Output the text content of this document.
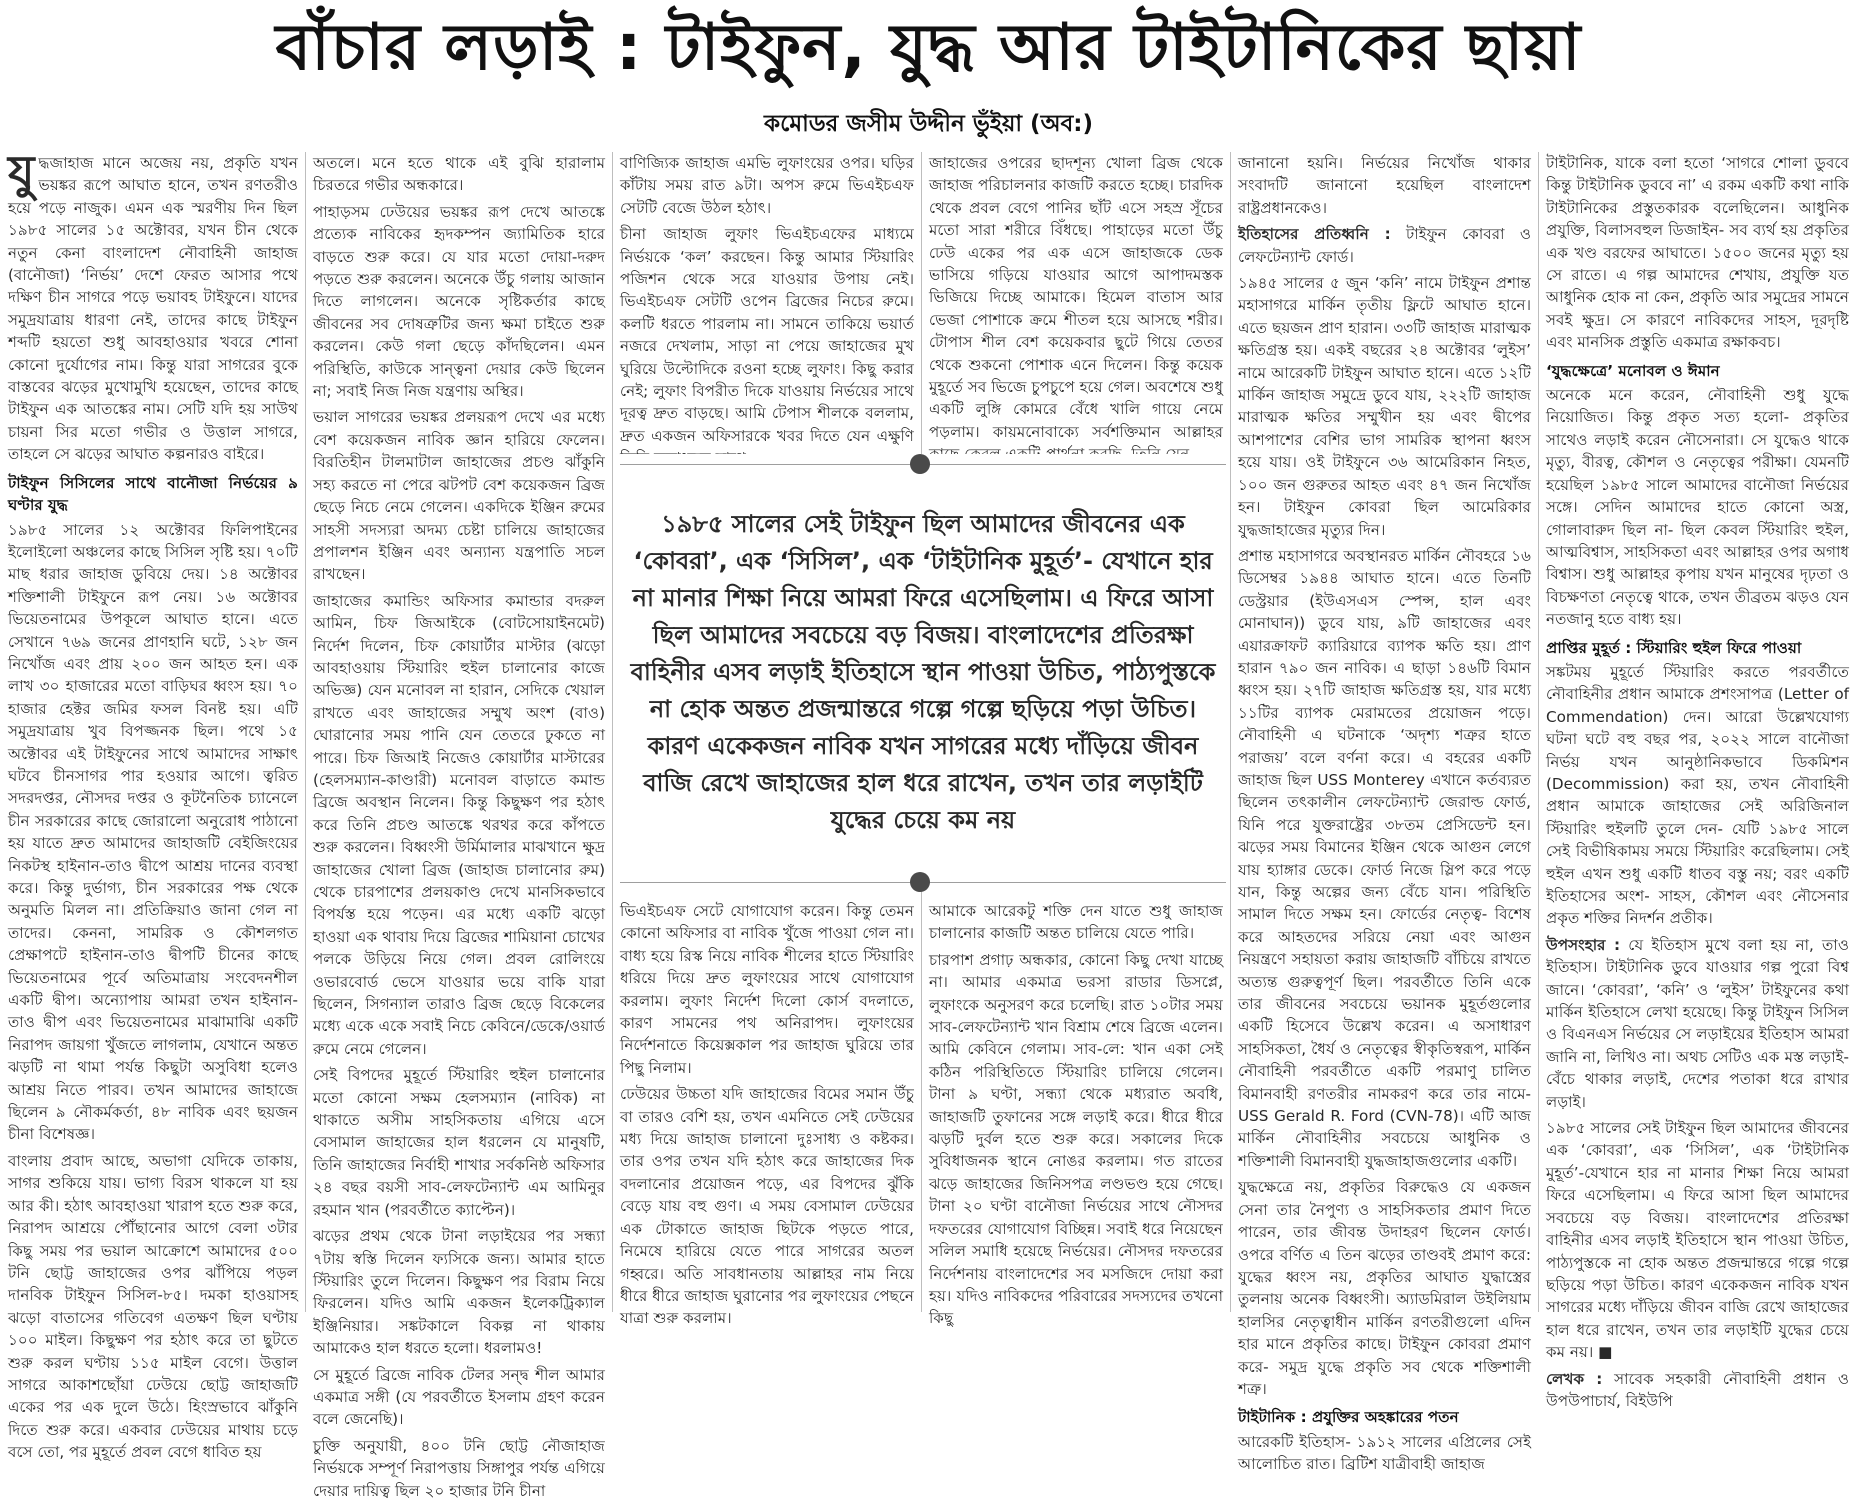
বাঁচার লড়াই : টাইফুন, যুদ্ধ আর টাইটানিকের ছায়া
কমোডর জসীম উদ্দীন ভুঁইয়া (অব:)

যুদ্ধজাহাজ মানে অজেয় নয়, প্রকৃতি যখন ভয়ঙ্কর রূপে আঘাত হানে, তখন রণতরীও হয়ে পড়ে নাজুক। এমন এক স্মরণীয় দিন ছিল ১৯৮৫ সালের ১৫ অক্টোবর, যখন চীন থেকে নতুন কেনা বাংলাদেশ নৌবাহিনী জাহাজ (বানৌজা) ‘নির্ভয়’ দেশে ফেরত আসার পথে দক্ষিণ চীন সাগরে পড়ে ভয়াবহ টাইফুনে। যাদের সমুদ্রযাত্রায় ধারণা নেই, তাদের কাছে টাইফুন শব্দটি হয়তো শুধু আবহাওয়ার খবরে শোনা কোনো দুর্যোগের নাম। কিন্তু যারা সাগরের বুকে বাস্তবের ঝড়ের মুখোমুখি হয়েছেন, তাদের কাছে টাইফুন এক আতঙ্কের নাম। সেটি যদি হয় সাউথ চায়না সির মতো গভীর ও উত্তাল সাগরে, তাহলে সে ঝড়ের আঘাত কল্পনারও বাইরে।

টাইফুন সিসিলের সাথে বানৌজা নির্ভয়ের ৯ ঘণ্টার যুদ্ধ

১৯৮৫ সালের ১২ অক্টোবর ফিলিপাইনের ইলোইলো অঞ্চলের কাছে সিসিল সৃষ্টি হয়। ৭০টি মাছ ধরার জাহাজ ডুবিয়ে দেয়। ১৪ অক্টোবর শক্তিশালী টাইফুনে রূপ নেয়। ১৬ অক্টোবর ভিয়েতনামের উপকূলে আঘাত হানে। এতে সেখানে ৭৬৯ জনের প্রাণহানি ঘটে, ১২৮ জন নিখোঁজ এবং প্রায় ২০০ জন আহত হন। এক লাখ ৩০ হাজারের মতো বাড়িঘর ধ্বংস হয়। ৭০ হাজার হেক্টর জমির ফসল বিনষ্ট হয়। এটি সমুদ্রযাত্রায় খুব বিপজ্জনক ছিল। পথে ১৫ অক্টোবর এই টাইফুনের সাথে আমাদের সাক্ষাৎ ঘটবে চীনসাগর পার হওয়ার আগে। ত্বরিত সদরদপ্তর, নৌসদর দপ্তর ও কূটনৈতিক চ্যানেলে চীন সরকারের কাছে জোরালো অনুরোধ পাঠানো হয় যাতে দ্রুত আমাদের জাহাজটি বেইজিংয়ের নিকটস্থ হাইনান-তাও দ্বীপে আশ্রয় দানের ব্যবস্থা করে। কিন্তু দুর্ভাগ্য, চীন সরকারের পক্ষ থেকে অনুমতি মিলল না। প্রতিক্রিয়াও জানা গেল না তাদের। কেননা, সামরিক ও কৌশলগত প্রেক্ষাপটে হাইনান-তাও দ্বীপটি চীনের কাছে ভিয়েতনামের পূর্বে অতিমাত্রায় সংবেদনশীল একটি দ্বীপ। অন্যোপায় আমরা তখন হাইনান-তাও দ্বীপ এবং ভিয়েতনামের মাঝামাঝি একটি নিরাপদ জায়গা খুঁজতে লাগলাম, যেখানে অন্তত ঝড়টি না থামা পর্যন্ত কিছুটা অসুবিধা হলেও আশ্রয় নিতে পারব। তখন আমাদের জাহাজে ছিলেন ৯ নৌকর্মকর্তা, ৪৮ নাবিক এবং ছয়জন চীনা বিশেষজ্ঞ।

বাংলায় প্রবাদ আছে, অভাগা যেদিকে তাকায়, সাগর শুকিয়ে যায়। ভাগ্য বিরস থাকলে যা হয় আর কী। হঠাৎ আবহাওয়া খারাপ হতে শুরু করে, নিরাপদ আশ্রয়ে পৌঁছানোর আগে বেলা ৩টার কিছু সময় পর ভয়াল আক্রোশে আমাদের ৫০০ টনি ছোট্ট জাহাজের ওপর ঝাঁপিয়ে পড়ল দানবিক টাইফুন সিসিল-৮৫। দমকা হাওয়াসহ ঝড়ো বাতাসের গতিবেগ এতক্ষণ ছিল ঘণ্টায় ১০০ মাইল। কিছুক্ষণ পর হঠাৎ করে তা ছুটতে শুরু করল ঘণ্টায় ১১৫ মাইল বেগে। উত্তাল সাগরে আকাশছোঁয়া ঢেউয়ে ছোট্ট জাহাজটি একের পর এক দুলে উঠে। হিংস্রভাবে ঝাঁকুনি দিতে শুরু করে। একবার ঢেউয়ের মাথায় চড়ে বসে তো, পর মুহূর্তে প্রবল বেগে ধাবিত হয়

অতলে। মনে হতে থাকে এই বুঝি হারালাম চিরতরে গভীর অন্ধকারে।

পাহাড়সম ঢেউয়ের ভয়ঙ্কর রূপ দেখে আতঙ্কে প্রত্যেক নাবিকের হৃদকম্পন জ্যামিতিক হারে বাড়তে শুরু করে। যে যার মতো দোয়া-দরুদ পড়তে শুরু করলেন। অনেকে উঁচু গলায় আজান দিতে লাগলেন। অনেকে সৃষ্টিকর্তার কাছে জীবনের সব দোষত্রুটির জন্য ক্ষমা চাইতে শুরু করলেন। কেউ গলা ছেড়ে কাঁদছিলেন। এমন পরিস্থিতি, কাউকে সান্ত্বনা দেয়ার কেউ ছিলেন না; সবাই নিজ নিজ যন্ত্রণায় অস্থির।

ভয়াল সাগরের ভয়ঙ্কর প্রলয়রূপ দেখে এর মধ্যে বেশ কয়েকজন নাবিক জ্ঞান হারিয়ে ফেলেন। বিরতিহীন টালমাটাল জাহাজের প্রচণ্ড ঝাঁকুনি সহ্য করতে না পেরে ঝটপট বেশ কয়েকজন ব্রিজ ছেড়ে নিচে নেমে গেলেন। একদিকে ইঞ্জিন রুমের সাহসী সদস্যরা অদম্য চেষ্টা চালিয়ে জাহাজের প্রপালশন ইঞ্জিন এবং অন্যান্য যন্ত্রপাতি সচল রাখছেন।

জাহাজের কমান্ডিং অফিসার কমান্ডার বদরুল আমিন, চিফ জিআইকে (বোটসোয়াইনমেট) নির্দেশ দিলেন, চিফ কোয়ার্টার মাস্টার (ঝড়ো আবহাওয়ায় স্টিয়ারিং হুইল চালানোর কাজে অভিজ্ঞ) যেন মনোবল না হারান, সেদিকে খেয়াল রাখতে এবং জাহাজের সম্মুখ অংশ (বাও) ঘোরানোর সময় পানি যেন তেতরে ঢুকতে না পারে। চিফ জিআই নিজেও কোয়ার্টার মাস্টারের (হেলসম্যান-কাণ্ডারী) মনোবল বাড়াতে কমান্ড ব্রিজে অবস্থান নিলেন। কিন্তু কিছুক্ষণ পর হঠাৎ করে তিনি প্রচণ্ড আতঙ্কে থরথর করে কাঁপতে শুরু করলেন। বিধ্বংসী উর্মিমালার মাঝখানে ক্ষুদ্র জাহাজের খোলা ব্রিজ (জাহাজ চালানোর রুম) থেকে চারপাশের প্রলয়কাণ্ড দেখে মানসিকভাবে বিপর্যস্ত হয়ে পড়েন। এর মধ্যে একটি ঝড়ো হাওয়া এক থাবায় দিয়ে ব্রিজের শামিয়ানা চোখের পলকে উড়িয়ে নিয়ে গেল। প্রবল রোলিংয়ে ওভারবোর্ড ভেসে যাওয়ার ভয়ে বাকি যারা ছিলেন, সিগন্যাল তারাও ব্রিজ ছেড়ে বিকেলের মধ্যে একে একে সবাই নিচে কেবিনে/ডেকে/ওয়ার্ড রুমে নেমে গেলেন।

সেই বিপদের মুহূর্তে স্টিয়ারিং হুইল চালানোর মতো কোনো সক্ষম হেলসম্যান (নাবিক) না থাকাতে অসীম সাহসিকতায় এগিয়ে এসে বেসামাল জাহাজের হাল ধরলেন যে মানুষটি, তিনি জাহাজের নির্বাহী শাখার সর্বকনিষ্ঠ অফিসার ২৪ বছর বয়সী সাব-লেফটেন্যান্ট এম আমিনুর রহমান খান (পরবর্তীতে ক্যাপ্টেন)।

ঝড়ের প্রথম থেকে টানা লড়াইয়ের পর সন্ধ্যা ৭টায় স্বস্তি দিলেন ফ্যসিকে জন্য। আমার হাতে স্টিয়ারিং তুলে দিলেন। কিছুক্ষণ পর বিরাম নিয়ে ফিরলেন। যদিও আমি একজন ইলেকট্রিক্যাল ইঞ্জিনিয়ার। সঙ্কটকালে বিকল্প না থাকায় আমাকেও হাল ধরতে হলো। ধরলামও!

সে মুহূর্তে ব্রিজে নাবিক টেলর সন্দ্ব শীল আমার একমাত্র সঙ্গী (যে পরবর্তীতে ইসলাম গ্রহণ করেন বলে জেনেছি)।

চুক্তি অনুযায়ী, ৪০০ টনি ছোট্ট নৌজাহাজ নির্ভয়কে সম্পূর্ণ নিরাপত্তায় সিঙ্গাপুর পর্যন্ত এগিয়ে দেয়ার দায়িত্ব ছিল ২০ হাজার টনি চীনা

বাণিজ্যিক জাহাজ এমভি লুফাংয়ের ওপর। ঘড়ির কাঁটায় সময় রাত ৯টা। অপস রুমে ভিএইচএফ সেটটি বেজে উঠল হঠাৎ।

চীনা জাহাজ লুফাং ভিএইচএফের মাধ্যমে নির্ভয়কে ‘কল’ করছেন। কিন্তু আমার স্টিয়ারিং পজিশন থেকে সরে যাওয়ার উপায় নেই। ভিএইচএফ সেটটি ওপেন ব্রিজের নিচের রুমে। কলটি ধরতে পারলাম না। সামনে তাকিয়ে ভয়ার্ত নজরে দেখলাম, সাড়া না পেয়ে জাহাজের মুখ ঘুরিয়ে উল্টোদিকে রওনা হচ্ছে লুফাং। কিছু করার নেই; লুফাং বিপরীত দিকে যাওয়ায় নির্ভয়ের সাথে দূরত্ব দ্রুত বাড়ছে। আমি টেপাস শীলকে বললাম, দ্রুত একজন অফিসারকে খবর দিতে যেন এক্ষুণি

জাহাজের ওপরের ছাদশূন্য খোলা ব্রিজ থেকে জাহাজ পরিচালনার কাজটি করতে হচ্ছে। চারদিক থেকে প্রবল বেগে পানির ছাঁট এসে সহস্র সূঁচের মতো সারা শরীরে বিঁধছে। পাহাড়ের মতো উঁচু ঢেউ একের পর এক এসে জাহাজকে ডেক ভাসিয়ে গড়িয়ে যাওয়ার আগে আপাদমস্তক ভিজিয়ে দিচ্ছে আমাকে। হিমেল বাতাস আর ভেজা পোশাকে ক্রমে শীতল হয়ে আসছে শরীর। টোপাস শীল বেশ কয়েকবার ছুটে গিয়ে তেতর থেকে শুকনো পোশাক এনে দিলেন। কিন্তু কয়েক মুহূর্তে সব ভিজে চুপচুপে হয়ে গেল। অবশেষে শুধু একটি লুঙ্গি কোমরে বেঁধে খালি গায়ে নেমে পড়লাম। কায়মনোবাক্যে সর্বশক্তিমান আল্লাহর

১৯৮৫ সালের সেই টাইফুন ছিল আমাদের জীবনের এক ‘কোবরা’, এক ‘সিসিল’, এক ‘টাইটানিক মুহূর্ত’- যেখানে হার না মানার শিক্ষা নিয়ে আমরা ফিরে এসেছিলাম। এ ফিরে আসা ছিল আমাদের সবচেয়ে বড় বিজয়। বাংলাদেশের প্রতিরক্ষা বাহিনীর এসব লড়াই ইতিহাসে স্থান পাওয়া উচিত, পাঠ্যপুস্তকে না হোক অন্তত প্রজন্মান্তরে গল্পে গল্পে ছড়িয়ে পড়া উচিত। কারণ একেকজন নাবিক যখন সাগরের মধ্যে দাঁড়িয়ে জীবন বাজি রেখে জাহাজের হাল ধরে রাখেন, তখন তার লড়াইটি যুদ্ধের চেয়ে কম নয়

ভিএইচএফ সেটে যোগাযোগ করেন। কিন্তু তেমন কোনো অফিসার বা নাবিক খুঁজে পাওয়া গেল না। বাধ্য হয়ে রিস্ক নিয়ে নাবিক শীলের হাতে স্টিয়ারিং ধরিয়ে দিয়ে দ্রুত লুফাংয়ের সাথে যোগাযোগ করলাম। লুফাং নির্দেশ দিলো কোর্স বদলাতে, কারণ সামনের পথ অনিরাপদ। লুফাংয়ের নির্দেশনাতে কিয়েক্সকাল পর জাহাজ ঘুরিয়ে তার পিছু নিলাম।

ঢেউয়ের উচ্চতা যদি জাহাজের বিমের সমান উঁচু বা তারও বেশি হয়, তখন এমনিতে সেই ঢেউয়ের মধ্য দিয়ে জাহাজ চালানো দুঃসাধ্য ও কষ্টকর। তার ওপর তখন যদি হঠাৎ করে জাহাজের দিক বদলানোর প্রয়োজন পড়ে, এর বিপদের ঝুঁকি বেড়ে যায় বহু গুণ। এ সময় বেসামাল ঢেউয়ের এক টোকাতে জাহাজ ছিটকে পড়তে পারে, নিমেষে হারিয়ে যেতে পারে সাগরের অতল গহ্বরে। অতি সাবধানতায় আল্লাহর নাম নিয়ে ধীরে ধীরে জাহাজ ঘুরানোর পর লুফাংয়ের পেছনে যাত্রা শুরু করলাম।

আমাকে আরেকটু শক্তি দেন যাতে শুধু জাহাজ চালানোর কাজটি অন্তত চালিয়ে যেতে পারি।

চারপাশ প্রগাঢ় অন্ধকার, কোনো কিছু দেখা যাচ্ছে না। আমার একমাত্র ভরসা রাডার ডিসপ্লে, লুফাংকে অনুসরণ করে চলেছি। রাত ১০টার সময় সাব-লেফটেন্যান্ট খান বিশ্রাম শেষে ব্রিজে এলেন। আমি কেবিনে গেলাম। সাব-লে: খান একা সেই কঠিন পরিস্থিতিতে স্টিয়ারিং চালিয়ে গেলেন। টানা ৯ ঘণ্টা, সন্ধ্যা থেকে মধ্যরাত অবধি, জাহাজটি তুফানের সঙ্গে লড়াই করে। ধীরে ধীরে ঝড়টি দুর্বল হতে শুরু করে। সকালের দিকে সুবিধাজনক স্থানে নোঙর করলাম। গত রাতের ঝড়ে জাহাজের জিনিসপত্র লণ্ডভণ্ড হয়ে গেছে। টানা ২০ ঘণ্টা বানৌজা নির্ভয়ের সাথে নৌসদর দফতরের যোগাযোগ বিচ্ছিন্ন। সবাই ধরে নিয়েছেন সলিল সমাধি হয়েছে নির্ভয়ের। নৌসদর দফতরের নির্দেশনায় বাংলাদেশের সব মসজিদে দোয়া করা হয়। যদিও নাবিকদের পরিবারের সদস্যদের তখনো কিছু

জানানো হয়নি। নির্ভয়ের নিখোঁজ থাকার সংবাদটি জানানো হয়েছিল বাংলাদেশ রাষ্ট্রপ্রধানকেও।

ইতিহাসের প্রতিধ্বনি : টাইফুন কোবরা ও লেফটেন্যান্ট ফোর্ড।

১৯৪৫ সালের ৫ জুন ‘কনি’ নামে টাইফুন প্রশান্ত মহাসাগরে মার্কিন তৃতীয় ফ্লিটে আঘাত হানে। এতে ছয়জন প্রাণ হারান। ৩৩টি জাহাজ মারাত্মক ক্ষতিগ্রস্ত হয়। একই বছরের ২৪ অক্টোবর ‘লুইস’ নামে আরেকটি টাইফুন আঘাত হানে। এতে ১২টি মার্কিন জাহাজ সমুদ্রে ডুবে যায়, ২২২টি জাহাজ মারাত্মক ক্ষতির সম্মুখীন হয় এবং দ্বীপের আশপাশের বেশির ভাগ সামরিক স্থাপনা ধ্বংস হয়ে যায়। ওই টাইফুনে ৩৬ আমেরিকান নিহত, ১০০ জন গুরুতর আহত এবং ৪৭ জন নিখোঁজ হন। টাইফুন কোবরা ছিল আমেরিকার যুদ্ধজাহাজের মৃত্যুর দিন।

প্রশান্ত মহাসাগরে অবস্থানরত মার্কিন নৌবহরে ১৬ ডিসেম্বর ১৯৪৪ আঘাত হানে। এতে তিনটি ডেস্ট্রয়ার (ইউএসএস স্পেন্স, হাল এবং মোনাঘান)) ডুবে যায়, ৯টি জাহাজের এবং এয়ারক্রাফট ক্যারিয়ারে ব্যাপক ক্ষতি হয়। প্রাণ হারান ৭৯০ জন নাবিক। এ ছাড়া ১৪৬টি বিমান ধ্বংস হয়। ২৭টি জাহাজ ক্ষতিগ্রস্ত হয়, যার মধ্যে ১১টির ব্যাপক মেরামতের প্রয়োজন পড়ে। নৌবাহিনী এ ঘটনাকে ‘অদৃশ্য শত্রুর হাতে পরাজয়’ বলে বর্ণনা করে। এ বহরের একটি জাহাজ ছিল USS Monterey এখানে কর্তব্যরত ছিলেন তৎকালীন লেফটেন্যান্ট জেরাল্ড ফোর্ড, যিনি পরে যুক্তরাষ্ট্রের ৩৮তম প্রেসিডেন্ট হন। ঝড়ের সময় বিমানের ইঞ্জিন থেকে আগুন লেগে যায় হ্যাঙ্গার ডেকে। ফোর্ড নিজে স্লিপ করে পড়ে যান, কিন্তু অল্পের জন্য বেঁচে যান। পরিস্থিতি সামাল দিতে সক্ষম হন। ফোর্ডের নেতৃত্ব- বিশেষ করে আহতদের সরিয়ে নেয়া এবং আগুন নিয়ন্ত্রণে সহায়তা করায় জাহাজটি বাঁচিয়ে রাখতে অত্যন্ত গুরুত্বপূর্ণ ছিল। পরবর্তীতে তিনি একে তার জীবনের সবচেয়ে ভয়ানক মুহূর্তগুলোর একটি হিসেবে উল্লেখ করেন। এ অসাধারণ সাহসিকতা, ধৈর্য ও নেতৃত্বের স্বীকৃতিস্বরূপ, মার্কিন নৌবাহিনী পরবর্তীতে একটি পরমাণু চালিত বিমানবাহী রণতরীর নামকরণ করে তার নামে- USS Gerald R. Ford (CVN-78)। এটি আজ মার্কিন নৌবাহিনীর সবচেয়ে আধুনিক ও শক্তিশালী বিমানবাহী যুদ্ধজাহাজগুলোর একটি।

যুদ্ধক্ষেত্রে নয়, প্রকৃতির বিরুদ্ধেও যে একজন সেনা তার নৈপুণ্য ও সাহসিকতার প্রমাণ দিতে পারেন, তার জীবন্ত উদাহরণ ছিলেন ফোর্ড। ওপরে বর্ণিত এ তিন ঝড়ের তাণ্ডবই প্রমাণ করে: যুদ্ধের ধ্বংস নয়, প্রকৃতির আঘাত যুদ্ধাস্ত্রের তুলনায় অনেক বিধ্বংসী। অ্যাডমিরাল উইলিয়াম হালসির নেতৃত্বাধীন মার্কিন রণতরীগুলো এদিন হার মানে প্রকৃতির কাছে। টাইফুন কোবরা প্রমাণ করে- সমুদ্র যুদ্ধে প্রকৃতি সব থেকে শক্তিশালী শত্রু।

টাইটানিক : প্রযুক্তির অহঙ্কারের পতন

আরেকটি ইতিহাস- ১৯১২ সালের এপ্রিলের সেই আলোচিত রাত। ব্রিটিশ যাত্রীবাহী জাহাজ

টাইটানিক, যাকে বলা হতো ‘সাগরে শোলা ডুববে কিন্তু টাইটানিক ডুববে না’ এ রকম একটি কথা নাকি টাইটানিকের প্রস্তুতকারক বলেছিলেন। আধুনিক প্রযুক্তি, বিলাসবহুল ডিজাইন- সব ব্যর্থ হয় প্রকৃতির এক খণ্ড বরফের আঘাতে। ১৫০০ জনের মৃত্যু হয় সে রাতে। এ গল্প আমাদের শেখায়, প্রযুক্তি যত আধুনিক হোক না কেন, প্রকৃতি আর সমুদ্রের সামনে সবই ক্ষুদ্র। সে কারণে নাবিকদের সাহস, দূরদৃষ্টি এবং মানসিক প্রস্তুতি একমাত্র রক্ষাকবচ।

‘যুদ্ধক্ষেত্রে’ মনোবল ও ঈমান

অনেকে মনে করেন, নৌবাহিনী শুধু যুদ্ধে নিয়োজিত। কিন্তু প্রকৃত সত্য হলো- প্রকৃতির সাথেও লড়াই করেন নৌসেনারা। সে যুদ্ধেও থাকে মৃত্যু, বীরত্ব, কৌশল ও নেতৃত্বের পরীক্ষা। যেমনটি হয়েছিল ১৯৮৫ সালে আমাদের বানৌজা নির্ভয়ের সঙ্গে। সেদিন আমাদের হাতে কোনো অস্ত্র, গোলাবারুদ ছিল না- ছিল কেবল স্টিয়ারিং হুইল, আত্মবিশ্বাস, সাহসিকতা এবং আল্লাহর ওপর অগাধ বিশ্বাস। শুধু আল্লাহর কৃপায় যখন মানুষের দৃঢ়তা ও বিচক্ষণতা নেতৃত্বে থাকে, তখন তীব্রতম ঝড়ও যেন নতজানু হতে বাধ্য হয়।

প্রাপ্তির মুহূর্ত : স্টিয়ারিং হুইল ফিরে পাওয়া

সঙ্কটময় মুহূর্তে স্টিয়ারিং করতে পরবর্তীতে নৌবাহিনীর প্রধান আমাকে প্রশংসাপত্র (Letter of Commendation) দেন। আরো উল্লেখযোগ্য ঘটনা ঘটে বহু বছর পর, ২০২২ সালে বানৌজা নির্ভয় যখন আনুষ্ঠানিকভাবে ডিকমিশন (Decommission) করা হয়, তখন নৌবাহিনী প্রধান আমাকে জাহাজের সেই অরিজিনাল স্টিয়ারিং হুইলটি তুলে দেন- যেটি ১৯৮৫ সালে সেই বিভীষিকাময় সময়ে স্টিয়ারিং করেছিলাম। সেই হুইল এখন শুধু একটি ধাতব বস্তু নয়; বরং একটি ইতিহাসের অংশ- সাহস, কৌশল এবং নৌসেনার প্রকৃত শক্তির নিদর্শন প্রতীক।

উপসংহার : যে ইতিহাস মুখে বলা হয় না, তাও ইতিহাস। টাইটানিক ডুবে যাওয়ার গল্প পুরো বিশ্ব জানে। ‘কোবরা’, ‘কনি’ ও ‘লুইস’ টাইফুনের কথা মার্কিন ইতিহাসে লেখা হয়েছে। কিন্তু টাইফুন সিসিল ও বিএনএস নির্ভয়ের সে লড়াইয়ের ইতিহাস আমরা জানি না, লিখিও না। অথচ সেটিও এক মস্ত লড়াই- বেঁচে থাকার লড়াই, দেশের পতাকা ধরে রাখার লড়াই।

১৯৮৫ সালের সেই টাইফুন ছিল আমাদের জীবনের এক ‘কোবরা’, এক ‘সিসিল’, এক ‘টাইটানিক মুহূর্ত’-যেখানে হার না মানার শিক্ষা নিয়ে আমরা ফিরে এসেছিলাম। এ ফিরে আসা ছিল আমাদের সবচেয়ে বড় বিজয়। বাংলাদেশের প্রতিরক্ষা বাহিনীর এসব লড়াই ইতিহাসে স্থান পাওয়া উচিত, পাঠ্যপুস্তকে না হোক অন্তত প্রজন্মান্তরে গল্পে গল্পে ছড়িয়ে পড়া উচিত। কারণ একেকজন নাবিক যখন সাগরের মধ্যে দাঁড়িয়ে জীবন বাজি রেখে জাহাজের হাল ধরে রাখেন, তখন তার লড়াইটি যুদ্ধের চেয়ে কম নয়। ■

লেখক : সাবেক সহকারী নৌবাহিনী প্রধান ও উপউপাচার্য, বিইউপি
